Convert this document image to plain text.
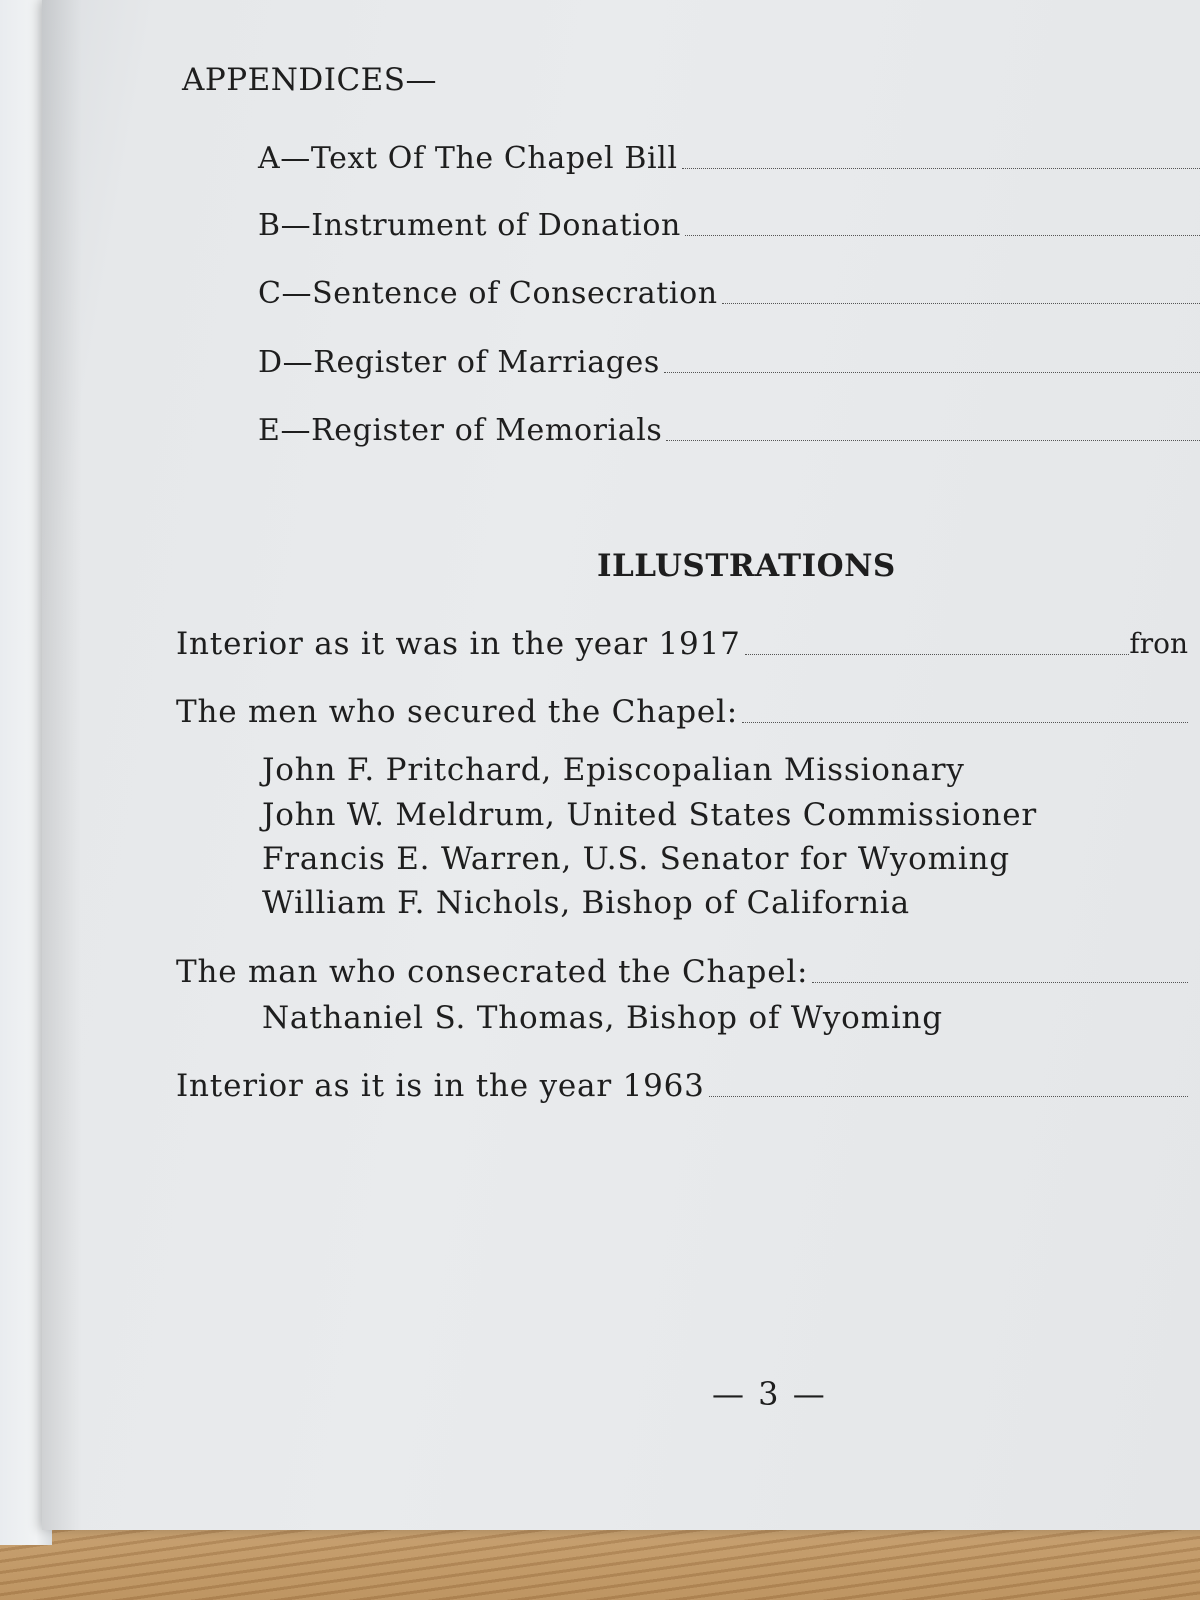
APPENDICES—
A—Text Of The Chapel Bill
B—Instrument of Donation
C—Sentence of Consecration
D—Register of Marriages
E—Register of Memorials
ILLUSTRATIONS
Interior as it was in the year 1917	fron
The men who secured the Chapel:
John F. Pritchard, Episcopalian Missionary
John W. Meldrum, United States Commissioner
Francis E. Warren, U.S. Senator for Wyoming
William F. Nichols, Bishop of California
The man who consecrated the Chapel:
Nathaniel S. Thomas, Bishop of Wyoming
Interior as it is in the year 1963
— 3 —
